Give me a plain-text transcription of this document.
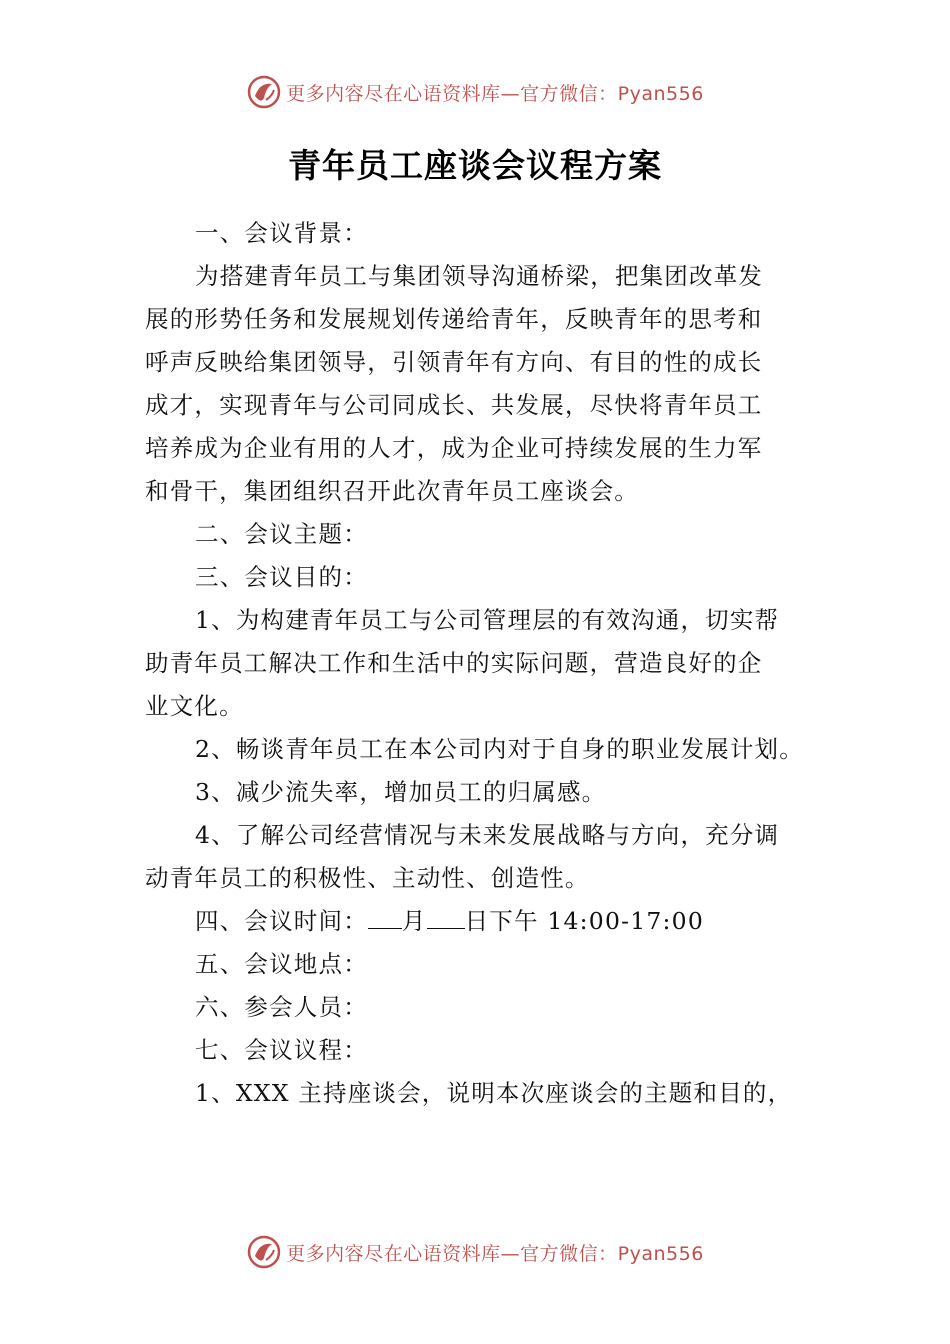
更多内容尽在心语资料库—官方微信：Pyan556
青年员工座谈会议程方案
一、会议背景：
为搭建青年员工与集团领导沟通桥梁，把集团改革发
展的形势任务和发展规划传递给青年，反映青年的思考和
呼声反映给集团领导，引领青年有方向、有目的性的成长
成才，实现青年与公司同成长、共发展，尽快将青年员工
培养成为企业有用的人才，成为企业可持续发展的生力军
和骨干，集团组织召开此次青年员工座谈会。
二、会议主题：
三、会议目的：
1、为构建青年员工与公司管理层的有效沟通，切实帮
助青年员工解决工作和生活中的实际问题，营造良好的企
业文化。
2、畅谈青年员工在本公司内对于自身的职业发展计划。
3、减少流失率，增加员工的归属感。
4、了解公司经营情况与未来发展战略与方向，充分调
动青年员工的积极性、主动性、创造性。
四、会议时间： 月 日下午 14:00-17:00
五、会议地点：
六、参会人员：
七、会议议程：
1、XXX 主持座谈会，说明本次座谈会的主题和目的，
更多内容尽在心语资料库—官方微信：Pyan556
